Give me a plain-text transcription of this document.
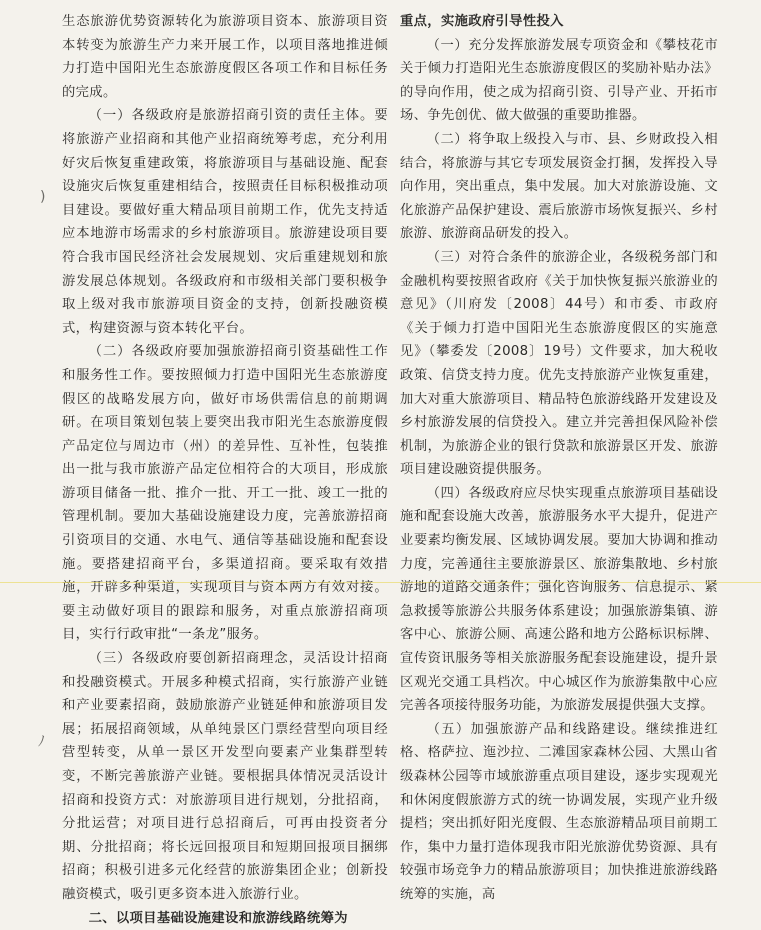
生态旅游优势资源转化为旅游项目资本、旅游项目资本转变为旅游生产力来开展工作，以项目落地推进倾力打造中国阳光生态旅游度假区各项工作和目标任务的完成。

（一）各级政府是旅游招商引资的责任主体。要将旅游产业招商和其他产业招商统筹考虑，充分利用好灾后恢复重建政策，将旅游项目与基础设施、配套设施灾后恢复重建相结合，按照责任目标积极推动项目建设。要做好重大精品项目前期工作，优先支持适应本地游市场需求的乡村旅游项目。旅游建设项目要符合我市国民经济社会发展规划、灾后重建规划和旅游发展总体规划。各级政府和市级相关部门要积极争取上级对我市旅游项目资金的支持，创新投融资模式，构建资源与资本转化平台。

（二）各级政府要加强旅游招商引资基础性工作和服务性工作。要按照倾力打造中国阳光生态旅游度假区的战略发展方向，做好市场供需信息的前期调研。在项目策划包装上要突出我市阳光生态旅游度假产品定位与周边市（州）的差异性、互补性，包装推出一批与我市旅游产品定位相符合的大项目，形成旅游项目储备一批、推介一批、开工一批、竣工一批的管理机制。要加大基础设施建设力度，完善旅游招商引资项目的交通、水电气、通信等基础设施和配套设施。要搭建招商平台，多渠道招商。要采取有效措施，开辟多种渠道，实现项目与资本两方有效对接。要主动做好项目的跟踪和服务，对重点旅游招商项目，实行行政审批“一条龙”服务。

（三）各级政府要创新招商理念，灵活设计招商和投融资模式。开展多种模式招商，实行旅游产业链和产业要素招商，鼓励旅游产业链延伸和旅游项目发展；拓展招商领域，从单纯景区门票经营型向项目经营型转变，从单一景区开发型向要素产业集群型转变，不断完善旅游产业链。要根据具体情况灵活设计招商和投资方式：对旅游项目进行规划，分批招商，分批运营；对项目进行总招商后，可再由投资者分期、分批招商；将长远回报项目和短期回报项目捆绑招商；积极引进多元化经营的旅游集团企业；创新投融资模式，吸引更多资本进入旅游行业。

二、以项目基础设施建设和旅游线路统筹为

重点，实施政府引导性投入

（一）充分发挥旅游发展专项资金和《攀枝花市关于倾力打造阳光生态旅游度假区的奖励补贴办法》的导向作用，使之成为招商引资、引导产业、开拓市场、争先创优、做大做强的重要助推器。

（二）将争取上级投入与市、县、乡财政投入相结合，将旅游与其它专项发展资金打捆，发挥投入导向作用，突出重点，集中发展。加大对旅游设施、文化旅游产品保护建设、震后旅游市场恢复振兴、乡村旅游、旅游商品研发的投入。

（三）对符合条件的旅游企业，各级税务部门和金融机构要按照省政府《关于加快恢复振兴旅游业的意见》（川府发〔2008〕44号）和市委、市政府《关于倾力打造中国阳光生态旅游度假区的实施意见》（攀委发〔2008〕19号）文件要求，加大税收政策、信贷支持力度。优先支持旅游产业恢复重建，加大对重大旅游项目、精品特色旅游线路开发建设及乡村旅游发展的信贷投入。建立并完善担保风险补偿机制，为旅游企业的银行贷款和旅游景区开发、旅游项目建设融资提供服务。

（四）各级政府应尽快实现重点旅游项目基础设施和配套设施大改善，旅游服务水平大提升，促进产业要素均衡发展、区域协调发展。要加大协调和推动力度，完善通往主要旅游景区、旅游集散地、乡村旅游地的道路交通条件；强化咨询服务、信息提示、紧急救援等旅游公共服务体系建设；加强旅游集镇、游客中心、旅游公厕、高速公路和地方公路标识标牌、宣传资讯服务等相关旅游服务配套设施建设，提升景区观光交通工具档次。中心城区作为旅游集散中心应完善各项接待服务功能，为旅游发展提供强大支撑。

（五）加强旅游产品和线路建设。继续推进红格、格萨拉、迤沙拉、二滩国家森林公园、大黑山省级森林公园等市域旅游重点项目建设，逐步实现观光和休闲度假旅游方式的统一协调发展，实现产业升级提档；突出抓好阳光度假、生态旅游精品项目前期工作，集中力量打造体现我市阳光旅游优势资源、具有较强市场竞争力的精品旅游项目；加快推进旅游线路统筹的实施，高

)
ﾉ
